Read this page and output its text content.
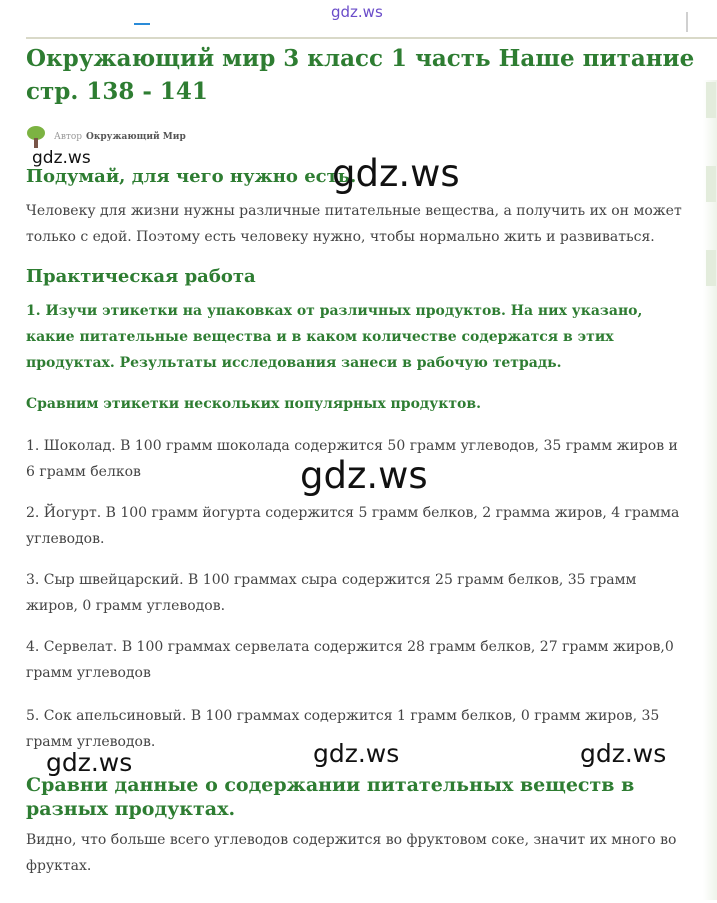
gdz.ws
Окружающий мир 3 класс 1 часть Наше питание стр. 138 - 141
Автор Окружающий Мир
gdz.ws
Подумай, для чего нужно есть.
gdz.ws

Человеку для жизни нужны различные питательные вещества, а получить их он может только с едой. Поэтому есть человеку нужно, чтобы нормально жить и развиваться.

Практическая работа

1. Изучи этикетки на упаковках от различных продуктов. На них указано, какие питательные вещества и в каком количестве содержатся в этих продуктах. Результаты исследования занеси в рабочую тетрадь.

Сравним этикетки нескольких популярных продуктов.

1. Шоколад. В 100 грамм шоколада содержится 50 грамм углеводов, 35 грамм жиров и 6 грамм белков	gdz.ws

2. Йогурт. В 100 грамм йогурта содержится 5 грамм белков, 2 грамма жиров, 4 грамма углеводов.

3. Сыр швейцарский. В 100 граммах сыра содержится 25 грамм белков, 35 грамм жиров, 0 грамм углеводов.

4. Сервелат. В 100 граммах сервелата содержится 28 грамм белков, 27 грамм жиров,0 грамм углеводов

5. Сок апельсиновый. В 100 граммах содержится 1 грамм белков, 0 грамм жиров, 35 грамм углеводов.

gdz.ws	gdz.ws	gdz.ws
Сравни данные о содержании питательных веществ в разных продуктах.

Видно, что больше всего углеводов содержится во фруктовом соке, значит их много во фруктах.
